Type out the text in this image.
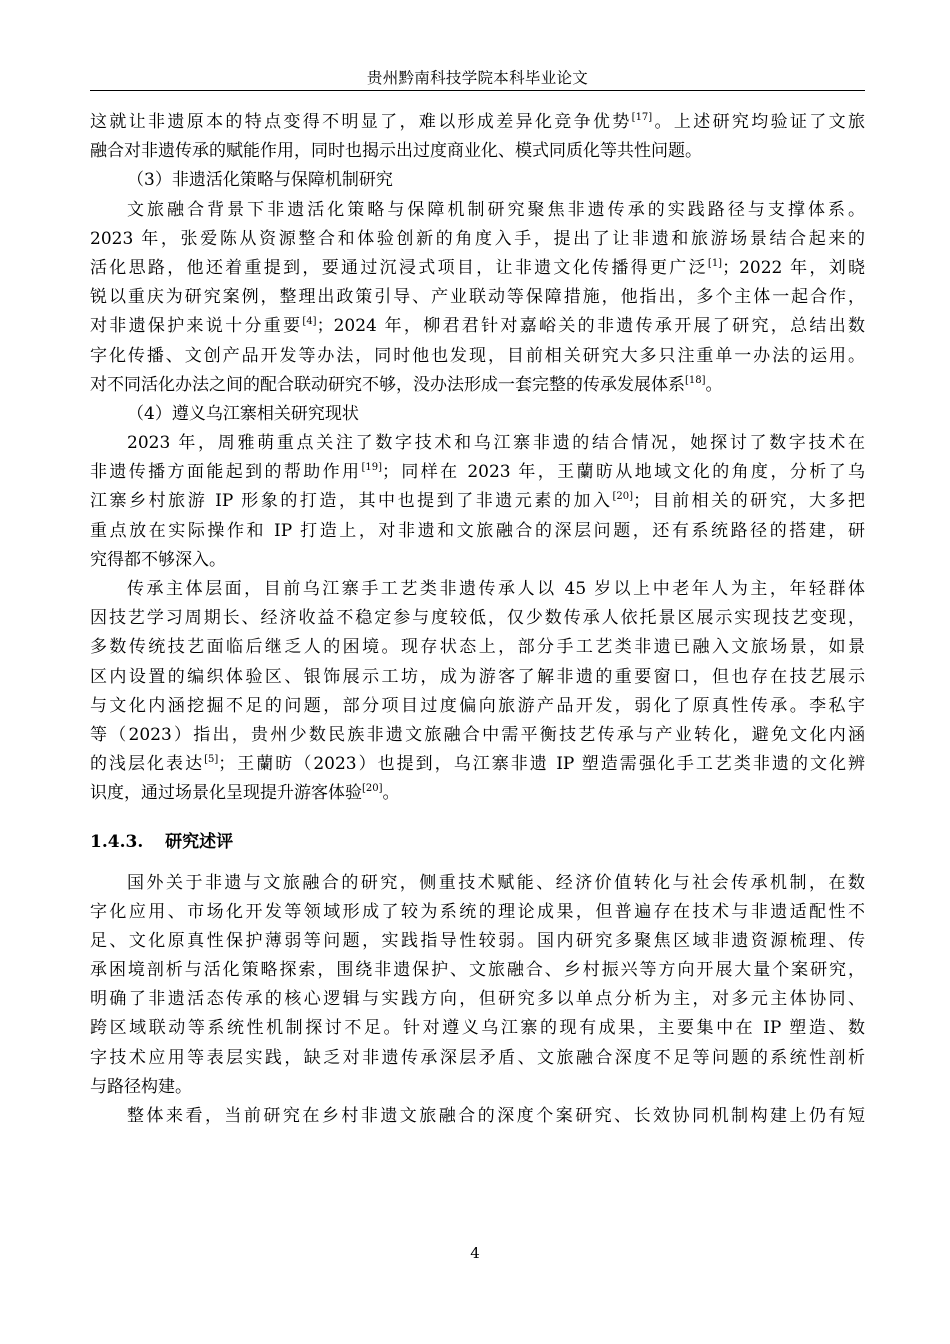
贵州黔南科技学院本科毕业论文
这就让非遗原本的特点变得不明显了，难以形成差异化竞争优势[17]。上述研究均验证了文旅
融合对非遗传承的赋能作用，同时也揭示出过度商业化、模式同质化等共性问题。
（3）非遗活化策略与保障机制研究
文旅融合背景下非遗活化策略与保障机制研究聚焦非遗传承的实践路径与支撑体系。
2023 年，张爱陈从资源整合和体验创新的角度入手，提出了让非遗和旅游场景结合起来的
活化思路，他还着重提到，要通过沉浸式项目，让非遗文化传播得更广泛[1]；2022 年，刘晓
锐以重庆为研究案例，整理出政策引导、产业联动等保障措施，他指出，多个主体一起合作，
对非遗保护来说十分重要[4]；2024 年，柳君君针对嘉峪关的非遗传承开展了研究，总结出数
字化传播、文创产品开发等办法，同时他也发现，目前相关研究大多只注重单一办法的运用。
对不同活化办法之间的配合联动研究不够，没办法形成一套完整的传承发展体系[18]。
（4）遵义乌江寨相关研究现状
2023 年，周雅萌重点关注了数字技术和乌江寨非遗的结合情况，她探讨了数字技术在
非遗传播方面能起到的帮助作用[19]；同样在 2023 年，王蘭昉从地域文化的角度，分析了乌
江寨乡村旅游 IP 形象的打造，其中也提到了非遗元素的加入[20]；目前相关的研究，大多把
重点放在实际操作和 IP 打造上，对非遗和文旅融合的深层问题，还有系统路径的搭建，研
究得都不够深入。
传承主体层面，目前乌江寨手工艺类非遗传承人以 45 岁以上中老年人为主，年轻群体
因技艺学习周期长、经济收益不稳定参与度较低，仅少数传承人依托景区展示实现技艺变现，
多数传统技艺面临后继乏人的困境。现存状态上，部分手工艺类非遗已融入文旅场景，如景
区内设置的编织体验区、银饰展示工坊，成为游客了解非遗的重要窗口，但也存在技艺展示
与文化内涵挖掘不足的问题，部分项目过度偏向旅游产品开发，弱化了原真性传承。李私宇
等（2023）指出，贵州少数民族非遗文旅融合中需平衡技艺传承与产业转化，避免文化内涵
的浅层化表达[5]；王蘭昉（2023）也提到，乌江寨非遗 IP 塑造需强化手工艺类非遗的文化辨
识度，通过场景化呈现提升游客体验[20]。
1.4.3. 研究述评
国外关于非遗与文旅融合的研究，侧重技术赋能、经济价值转化与社会传承机制，在数
字化应用、市场化开发等领域形成了较为系统的理论成果，但普遍存在技术与非遗适配性不
足、文化原真性保护薄弱等问题，实践指导性较弱。国内研究多聚焦区域非遗资源梳理、传
承困境剖析与活化策略探索，围绕非遗保护、文旅融合、乡村振兴等方向开展大量个案研究，
明确了非遗活态传承的核心逻辑与实践方向，但研究多以单点分析为主，对多元主体协同、
跨区域联动等系统性机制探讨不足。针对遵义乌江寨的现有成果，主要集中在 IP 塑造、数
字技术应用等表层实践，缺乏对非遗传承深层矛盾、文旅融合深度不足等问题的系统性剖析
与路径构建。
整体来看，当前研究在乡村非遗文旅融合的深度个案研究、长效协同机制构建上仍有短
4
